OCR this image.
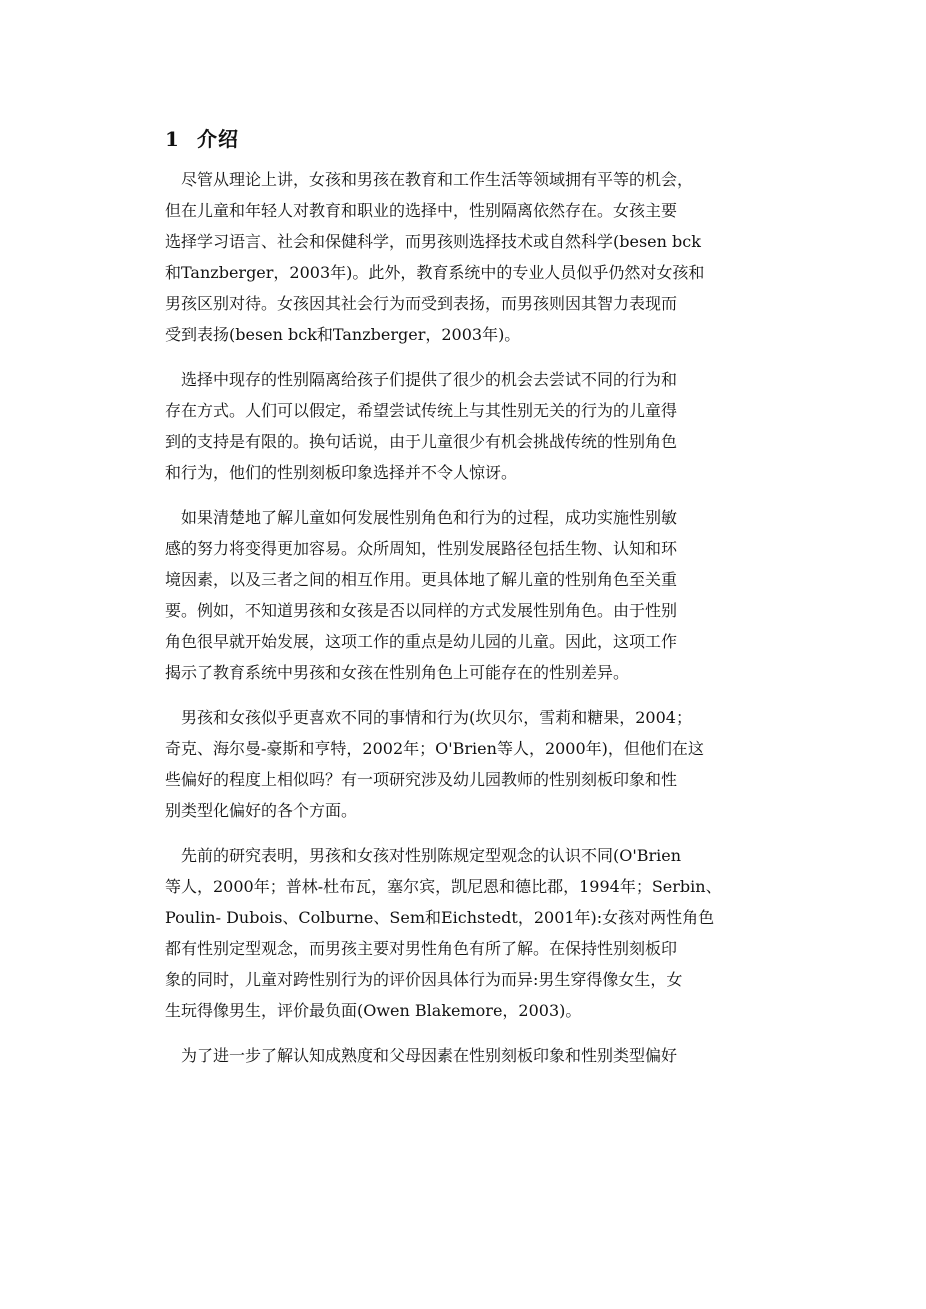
1 介绍
　尽管从理论上讲，女孩和男孩在教育和工作生活等领域拥有平等的机会，
但在儿童和年轻人对教育和职业的选择中，性别隔离依然存在。女孩主要
选择学习语言、社会和保健科学，而男孩则选择技术或自然科学(besen bck
和Tanzberger，2003年)。此外，教育系统中的专业人员似乎仍然对女孩和
男孩区别对待。女孩因其社会行为而受到表扬，而男孩则因其智力表现而
受到表扬(besen bck和Tanzberger，2003年)。
　选择中现存的性别隔离给孩子们提供了很少的机会去尝试不同的行为和
存在方式。人们可以假定，希望尝试传统上与其性别无关的行为的儿童得
到的支持是有限的。换句话说，由于儿童很少有机会挑战传统的性别角色
和行为，他们的性别刻板印象选择并不令人惊讶。
　如果清楚地了解儿童如何发展性别角色和行为的过程，成功实施性别敏
感的努力将变得更加容易。众所周知，性别发展路径包括生物、认知和环
境因素，以及三者之间的相互作用。更具体地了解儿童的性别角色至关重
要。例如，不知道男孩和女孩是否以同样的方式发展性别角色。由于性别
角色很早就开始发展，这项工作的重点是幼儿园的儿童。因此，这项工作
揭示了教育系统中男孩和女孩在性别角色上可能存在的性别差异。
　男孩和女孩似乎更喜欢不同的事情和行为(坎贝尔，雪莉和糖果，2004；
奇克、海尔曼-豪斯和亨特，2002年；O'Brien等人，2000年)，但他们在这
些偏好的程度上相似吗？有一项研究涉及幼儿园教师的性别刻板印象和性
别类型化偏好的各个方面。
　先前的研究表明，男孩和女孩对性别陈规定型观念的认识不同(O'Brien
等人，2000年；普林-杜布瓦，塞尔宾，凯尼恩和德比郡，1994年；Serbin、
Poulin- Dubois、Colburne、Sem和Eichstedt，2001年):女孩对两性角色
都有性别定型观念，而男孩主要对男性角色有所了解。在保持性别刻板印
象的同时，儿童对跨性别行为的评价因具体行为而异:男生穿得像女生，女
生玩得像男生，评价最负面(Owen Blakemore，2003)。
　为了进一步了解认知成熟度和父母因素在性别刻板印象和性别类型偏好
